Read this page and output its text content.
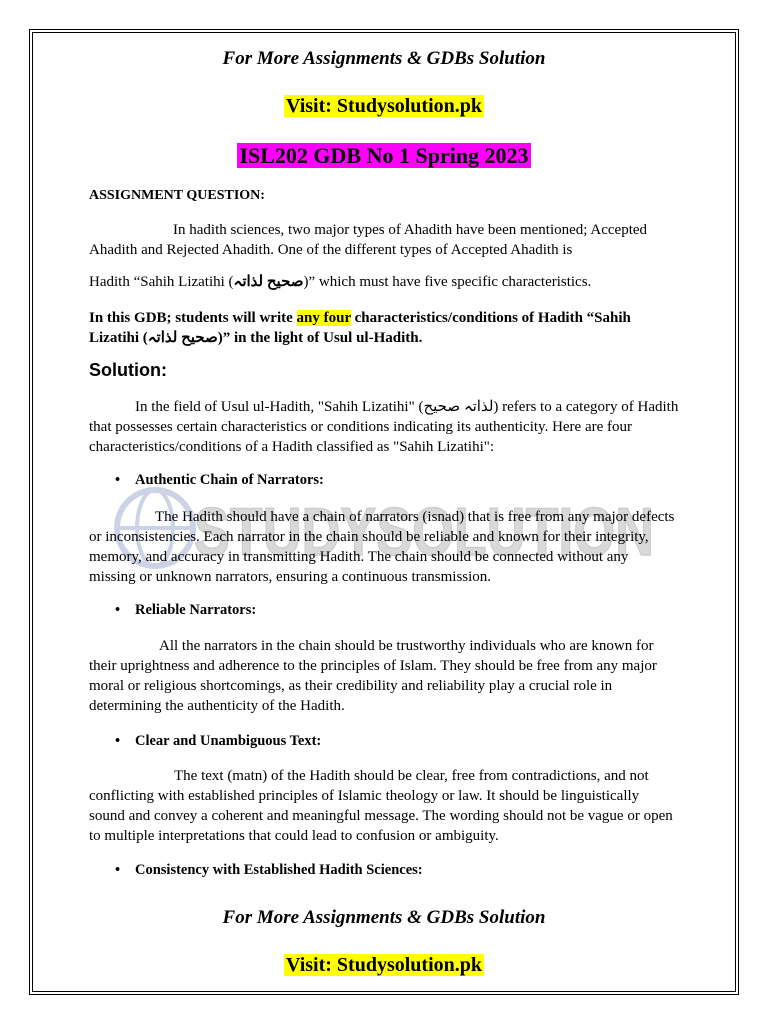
STUDYSOLUTION
For More Assignments & GDBs Solution
Visit: Studysolution.pk
ISL202 GDB No 1 Spring 2023
ASSIGNMENT QUESTION:
In hadith sciences, two major types of Ahadith have been mentioned; Accepted
Ahadith and Rejected Ahadith. One of the different types of Accepted Ahadith is
Hadith “Sahih Lizatihi (صحيح لذاتہ)” which must have five specific characteristics.
In this GDB; students will write any four characteristics/conditions of Hadith “Sahih
Lizatihi (صحيح لذاتہ)” in the light of Usul ul-Hadith.
Solution:
In the field of Usul ul-Hadith, "Sahih Lizatihi" (لذاتہ صحيح) refers to a category of Hadith
that possesses certain characteristics or conditions indicating its authenticity. Here are four
characteristics/conditions of a Hadith classified as "Sahih Lizatihi":
• Authentic Chain of Narrators:
The Hadith should have a chain of narrators (isnad) that is free from any major defects
or inconsistencies. Each narrator in the chain should be reliable and known for their integrity,
memory, and accuracy in transmitting Hadith. The chain should be connected without any
missing or unknown narrators, ensuring a continuous transmission.
• Reliable Narrators:
All the narrators in the chain should be trustworthy individuals who are known for
their uprightness and adherence to the principles of Islam. They should be free from any major
moral or religious shortcomings, as their credibility and reliability play a crucial role in
determining the authenticity of the Hadith.
• Clear and Unambiguous Text:
The text (matn) of the Hadith should be clear, free from contradictions, and not
conflicting with established principles of Islamic theology or law. It should be linguistically
sound and convey a coherent and meaningful message. The wording should not be vague or open
to multiple interpretations that could lead to confusion or ambiguity.
• Consistency with Established Hadith Sciences:
For More Assignments & GDBs Solution
Visit: Studysolution.pk
